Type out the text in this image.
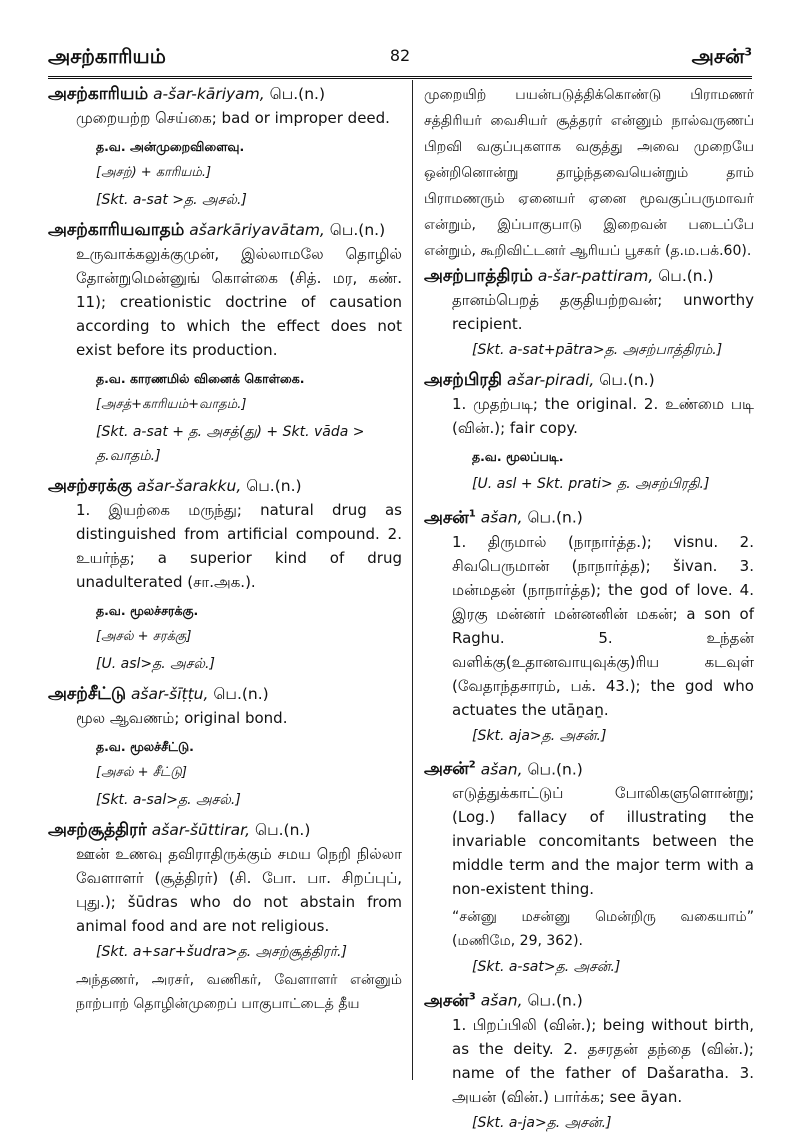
அசற்காரியம்	82	அசன்$^3$

அசற்காரியம் a-šar-kāriyam, பெ.(n.)

முறையற்ற செய்கை; bad or improper deed.

த.வ. அன்முறைவிளைவு.

[அசற்) + காரியம்.]

[Skt. a-sat >த. அசல்.]

அசற்காரியவாதம் ašarkāriyavātam, பெ.(n.)

உருவாக்கலுக்குமுன், இல்லாமலே தொழில் தோன்றுமென்னுங் கொள்கை (சித். மர, கண். 11); creationistic doctrine of causation according to which the effect does not exist before its production.

த.வ. காரணமில் வினைக் கொள்கை.

[அசத்+காரியம்+வாதம்.]

[Skt. a-sat + த. அசத்(து) + Skt. vāda > த.வாதம்.]

அசற்சரக்கு ašar-šarakku, பெ.(n.)

1. இயற்கை மருந்து; natural drug as distinguished from artificial compound. 2. உயர்ந்த; a superior kind of drug unadulterated (சா.அக.).

த.வ. மூலச்சரக்கு.

[அசல் + சரக்கு]

[U. asl>த. அசல்.]

அசற்சீட்டு ašar-šīṭṭu, பெ.(n.)

மூல ஆவணம்; original bond.

த.வ. மூலச்சீட்டு.

[அசல் + சீட்டு]

[Skt. a-sal>த. அசல்.]

அசற்சூத்திரர் ašar-šūttirar, பெ.(n.)

ஊன் உணவு தவிராதிருக்கும் சமய நெறி நில்லா வேளாளர் (சூத்திரர்) (சி. போ. பா. சிறப்புப், புது.); šūdras who do not abstain from animal food and are not religious.

[Skt. a+sar+šudra>த. அசற்சூத்திரர்.]

அந்தணர், அரசர், வணிகர், வேளாளர் என்னும் நாற்பாற் தொழின்முறைப் பாகுபாட்டைத் தீய

முறையிற் பயன்படுத்திக்கொண்டு பிராமணர் சத்திரியர் வைசியர் சூத்தரர் என்னும் நால்வருணப் பிறவி வகுப்புகளாக வகுத்து அவை முறையே ஒன்றினொன்று தாழ்ந்தவையென்றும் தாம் பிராமணரும் ஏனையர் ஏனை மூவகுப்பருமாவர் என்றும், இப்பாகுபாடு இறைவன் படைப்பே என்றும், கூறிவிட்டனர் ஆரியப் பூசகர் (த.ம.பக்.60).

அசற்பாத்திரம் a-šar-pattiram, பெ.(n.)

தானம்பெறத் தகுதியற்றவன்; unworthy recipient.

[Skt. a-sat+pātra>த. அசற்பாத்திரம்.]

அசற்பிரதி ašar-piradi, பெ.(n.)

1. முதற்படி; the original. 2. உண்மை படி (வின்.); fair copy.

த.வ. மூலப்படி.

[U. asl + Skt. prati> த. அசற்பிரதி.]

அசன்$^1$ ašan, பெ.(n.)

1. திருமால் (நாநார்த்த.); visnu. 2. சிவபெருமான் (நாநார்த்த); šivan. 3. மன்மதன் (நாநார்த்த); the god of love. 4. இரகு மன்னர் மன்னனின் மகன்; a son of Raghu. 5. உந்தன் வளிக்கு(உதானவாயுவுக்கு)ரிய கடவுள் (வேதாந்தசாரம், பக். 43.); the god who actuates the utāṉaṉ.

[Skt. aja>த. அசன்.]

அசன்$^2$ ašan, பெ.(n.)

எடுத்துக்காட்டுப் போலிகளுளொன்று; (Log.) fallacy of illustrating the invariable concomitants between the middle term and the major term with a non-existent thing.

“சன்னு மசன்னு மென்றிரு வகையாம்” (மணிமே, 29, 362).

[Skt. a-sat>த. அசன்.]

அசன்$^3$ ašan, பெ.(n.)

1. பிறப்பிலி (வின்.); being without birth, as the deity. 2. தசரதன் தந்தை (வின்.); name of the father of Dašaratha. 3. அயன் (வின்.) பார்க்க; see āyan.

[Skt. a-ja>த. அசன்.]
